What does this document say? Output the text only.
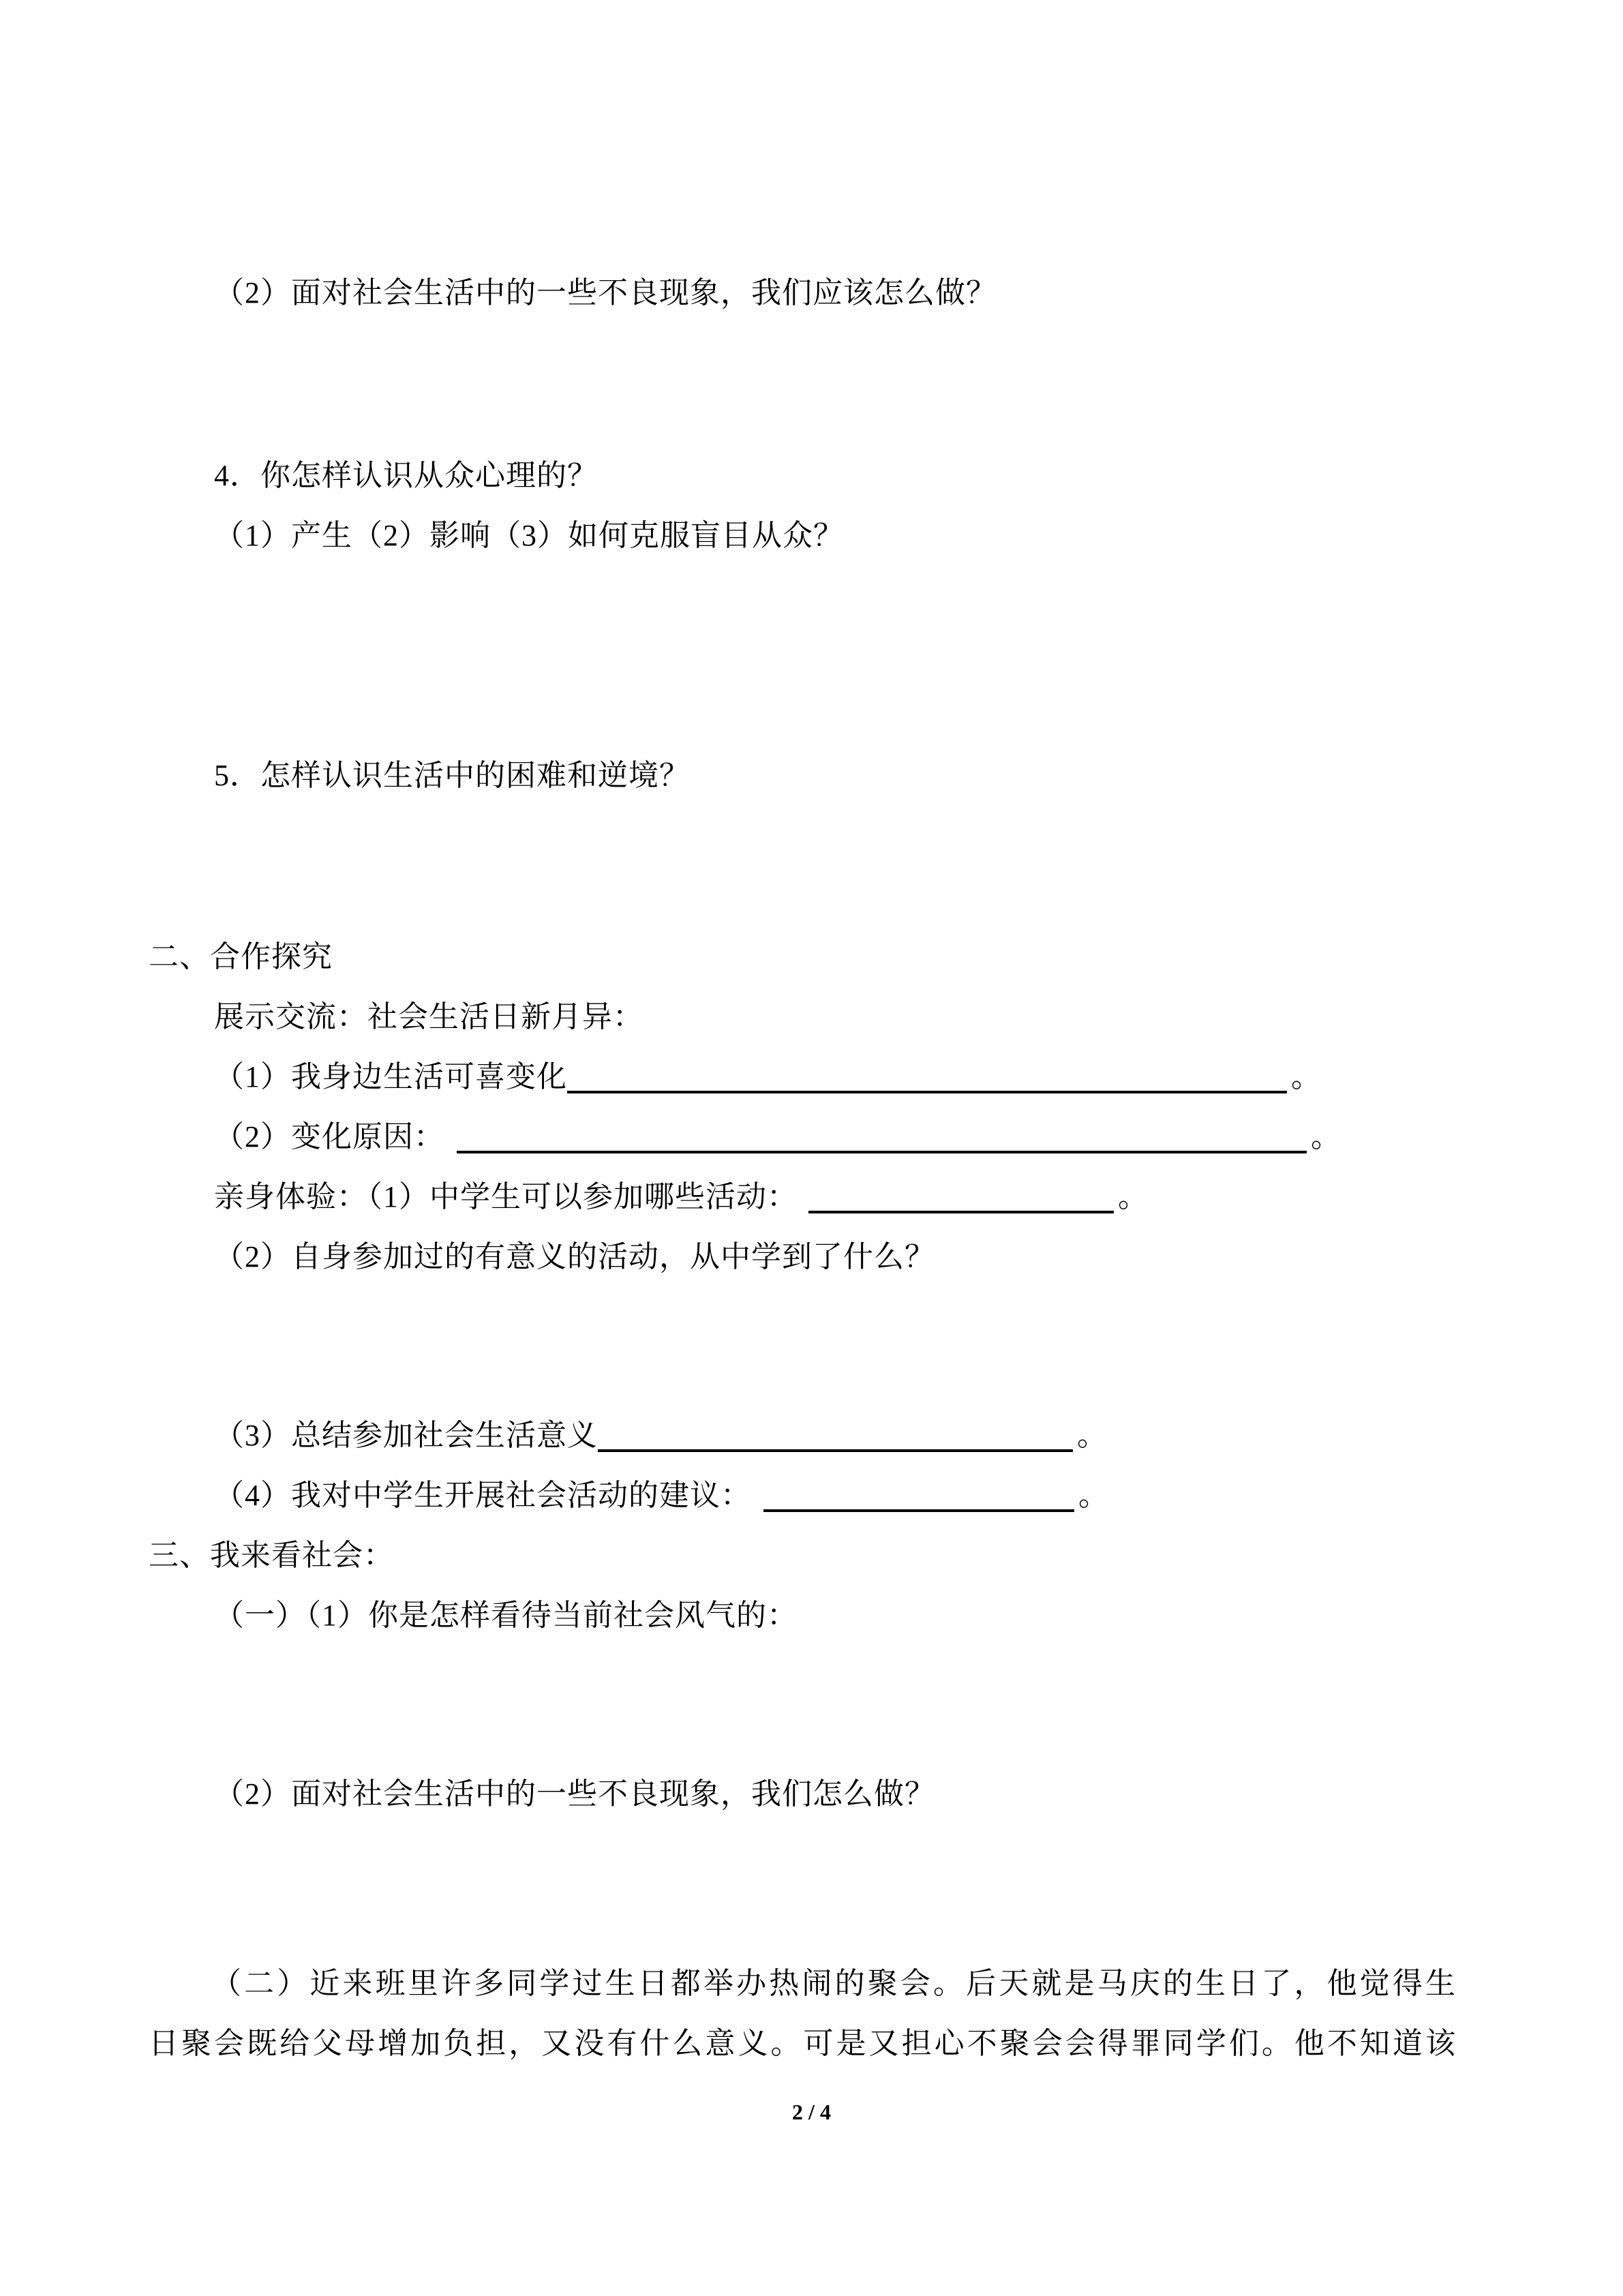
（2）面对社会生活中的一些不良现象，我们应该怎么做？
4．你怎样认识从众心理的？
（1）产生（2）影响（3）如何克服盲目从众？
5．怎样认识生活中的困难和逆境？
二、合作探究
展示交流：社会生活日新月异：
（1）我身边生活可喜变化	。
（2）变化原因：	。
亲身体验：（1）中学生可以参加哪些活动：	。
（2）自身参加过的有意义的活动，从中学到了什么？
（3）总结参加社会生活意义	。
（4）我对中学生开展社会活动的建议：	。
三、我来看社会：
（一）（1）你是怎样看待当前社会风气的：
（2）面对社会生活中的一些不良现象，我们怎么做？
（二）近来班里许多同学过生日都举办热闹的聚会。后天就是马庆的生日了，他觉得生
日聚会既给父母增加负担，又没有什么意义。可是又担心不聚会会得罪同学们。他不知道该
2 / 4
